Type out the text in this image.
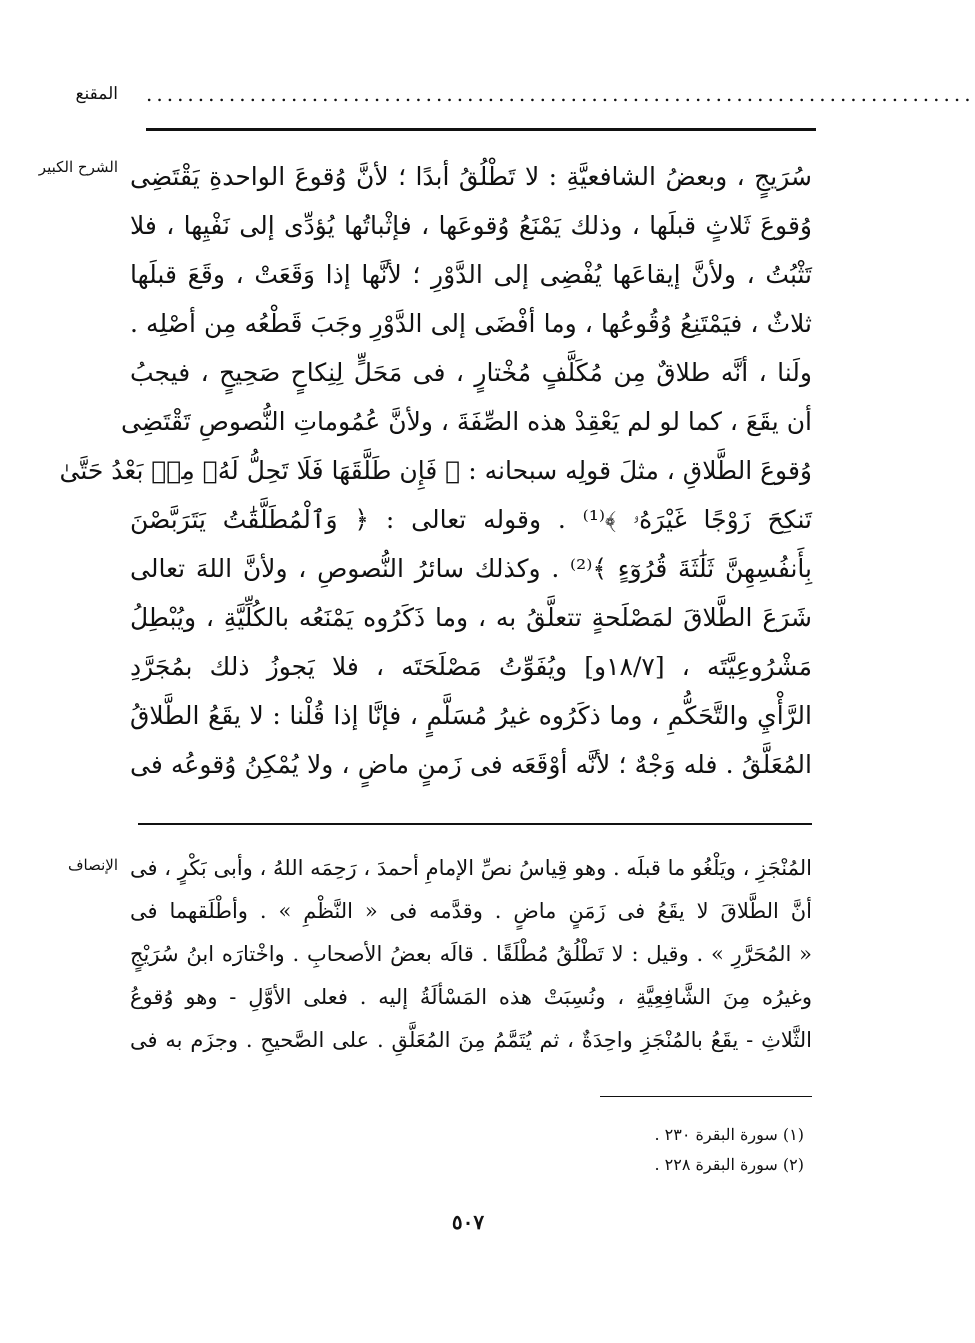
المقنع ................................................................................
الشرح الكبير
الإنصاف
سُرَيجٍ ، وبعضُ الشافعيَّةِ : لا تَطْلُقُ أبدًا ؛ لأنَّ وُقوعَ الواحدةِ يَقْتَضِى
وُقوعَ ثَلاثٍ قبلَها ، وذلك يَمْنَعُ وُقوعَها ، فإثْباتُها يُؤدِّى إلى نَفْيِها ، فلا
تَثْبُتُ ، ولأنَّ إيقاعَها يُفْضِى إلى الدَّوْرِ ؛ لأنَّها إذا وَقَعَتْ ، وقَعَ قبلَها
ثلاثٌ ، فيَمْتَنِعُ وُقُوعُها ، وما أفْضَى إلى الدَّوْرِ وجَبَ قَطْعُه مِن أصْلِه .
ولَنا ، أنَّه طلاقٌ مِن مُكَلَّفٍ مُخْتارٍ ، فى مَحَلٍّ لِنِكاحٍ صَحِيحٍ ، فيجبُ
أن يقَعَ ، كما لو لم يَعْقِدْ هذه الصِّفَةَ ، ولأنَّ عُمُوماتِ النُّصوصِ تَقْتَضِى
وُقوعَ الطَّلاقِ ، مثلَ قولِه سبحانه : ﴿ فَإِن طَلَّقَهَا فَلَا تَحِلُّ لَهُۥ مِنۢ بَعْدُ حَتَّىٰ
تَنكِحَ زَوْجًا غَيْرَهُۥ ﴾⁽¹⁾ . وقوله تعالى : ﴿ وَٱلْمُطَلَّقَٰتُ يَتَرَبَّصْنَ
بِأَنفُسِهِنَّ ثَلَٰثَةَ قُرُوٓءٍ ﴾⁽²⁾ . وكذلك سائرُ النُّصوصِ ، ولأنَّ اللهَ تعالى
شَرَعَ الطَّلاقَ لمَصْلَحةٍ تتعلَّقُ به ، وما ذَكَرُوه يَمْنَعُه بالكُلِّيَّةِ ، ويُبْطِلُ
مَشْرُوعِيَّتَه ، [١٨/٧و] ويُفَوِّتُ مَصْلَحَتَه ، فلا يَجوزُ ذلك بمُجَرَّدِ
الرَّأْيِ والتَّحَكُّمِ ، وما ذكَرُوه غيرُ مُسَلَّمٍ ، فإنَّا إذا قُلْنا : لا يقَعُ الطَّلاقُ
المُعَلَّقُ . فله وَجْهٌ ؛ لأنَّه أوْقَعَه فى زَمنٍ ماضٍ ، ولا يُمْكِنُ وُقوعُه فى
المُنْجَزِ ، ويَلْغُو ما قبلَه . وهو قِياسُ نصِّ الإمامِ أحمدَ ، رَحِمَه اللهُ ، وأبى بَكْرٍ ، فى
أنَّ الطَّلاقَ لا يقَعُ فى زَمَنٍ ماضٍ . وقدَّمه فى « النَّظْمِ » . وأطْلَقهما فى
« المُحَرَّرِ » . وقيل : لا تَطْلُقُ مُطْلَقًا . قالَه بعضُ الأصحابِ . واخْتارَه ابنُ سُرَيْجٍ
وغيرُه مِنَ الشَّافِعِيَّةِ ، ونُسِبَتْ هذه المَسْألَةُ إليه . فعلى الأوَّلِ - وهو وُقوعُ
الثَّلاثِ - يقَعُ بالمُنْجَزِ واحِدَةٌ ، ثم يُتَمَّمُ مِنَ المُعَلَّقِ . على الصَّحيحِ . وجزَم به فى
(١) سورة البقرة ٢٣٠ .
(٢) سورة البقرة ٢٢٨ .
٥٠٧
